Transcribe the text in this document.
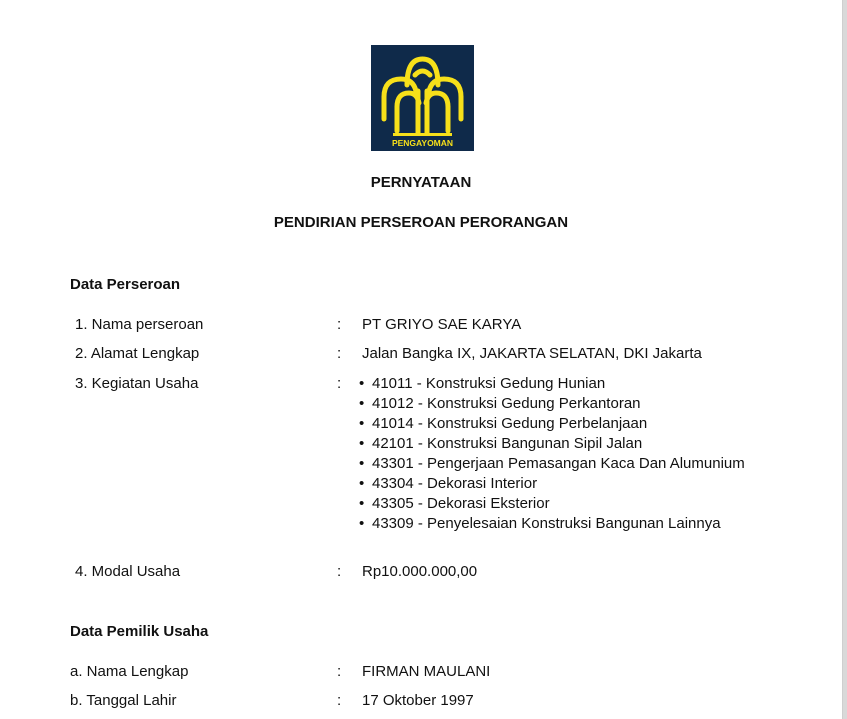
PENGAYOMAN
PERNYATAAN
PENDIRIAN PERSEROAN PERORANGAN
Data Perseroan
1. Nama perseroan	: PT GRIYO SAE KARYA
2. Alamat Lengkap	: Jalan Bangka IX, JAKARTA SELATAN, DKI Jakarta
3. Kegiatan Usaha	:
•	41011 - Konstruksi Gedung Hunian
• 41012 - Konstruksi Gedung Perkantoran
• 41014 - Konstruksi Gedung Perbelanjaan
• 42101 - Konstruksi Bangunan Sipil Jalan
• 43301 - Pengerjaan Pemasangan Kaca Dan Alumunium
• 43304 - Dekorasi Interior
• 43305 - Dekorasi Eksterior
• 43309 - Penyelesaian Konstruksi Bangunan Lainnya
4. Modal Usaha	: Rp10.000.000,00
Data Pemilik Usaha
a. Nama Lengkap	: FIRMAN MAULANI
b. Tanggal Lahir	: 17 Oktober 1997
